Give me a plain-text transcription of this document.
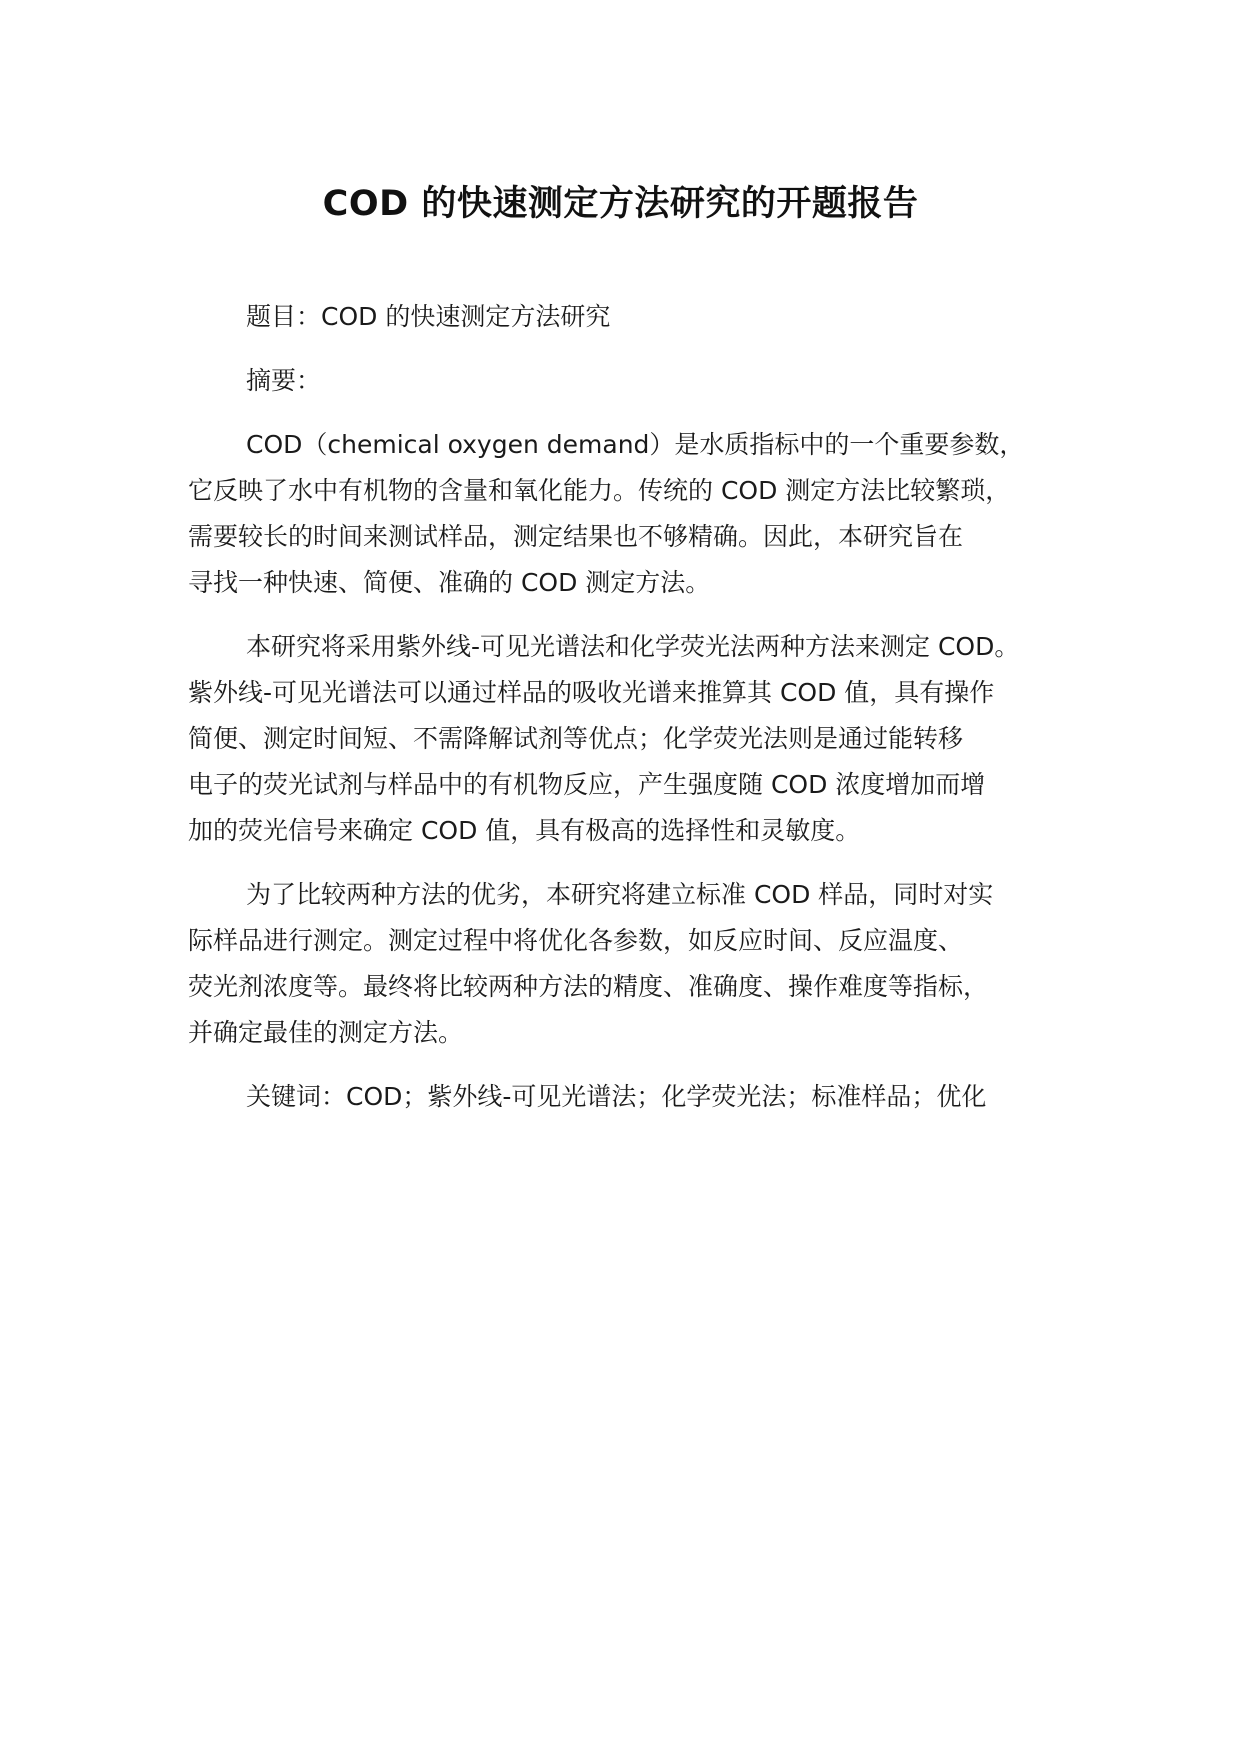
COD 的快速测定方法研究的开题报告

题目：COD 的快速测定方法研究

摘要：

COD（chemical oxygen demand）是水质指标中的一个重要参数，
它反映了水中有机物的含量和氧化能力。传统的 COD 测定方法比较繁琐，
需要较长的时间来测试样品，测定结果也不够精确。因此，本研究旨在
寻找一种快速、简便、准确的 COD 测定方法。

本研究将采用紫外线-可见光谱法和化学荧光法两种方法来测定 COD。
紫外线-可见光谱法可以通过样品的吸收光谱来推算其 COD 值，具有操作
简便、测定时间短、不需降解试剂等优点；化学荧光法则是通过能转移
电子的荧光试剂与样品中的有机物反应，产生强度随 COD 浓度增加而增
加的荧光信号来确定 COD 值，具有极高的选择性和灵敏度。

为了比较两种方法的优劣，本研究将建立标准 COD 样品，同时对实
际样品进行测定。测定过程中将优化各参数，如反应时间、反应温度、
荧光剂浓度等。最终将比较两种方法的精度、准确度、操作难度等指标，
并确定最佳的测定方法。

关键词：COD；紫外线-可见光谱法；化学荧光法；标准样品；优化
